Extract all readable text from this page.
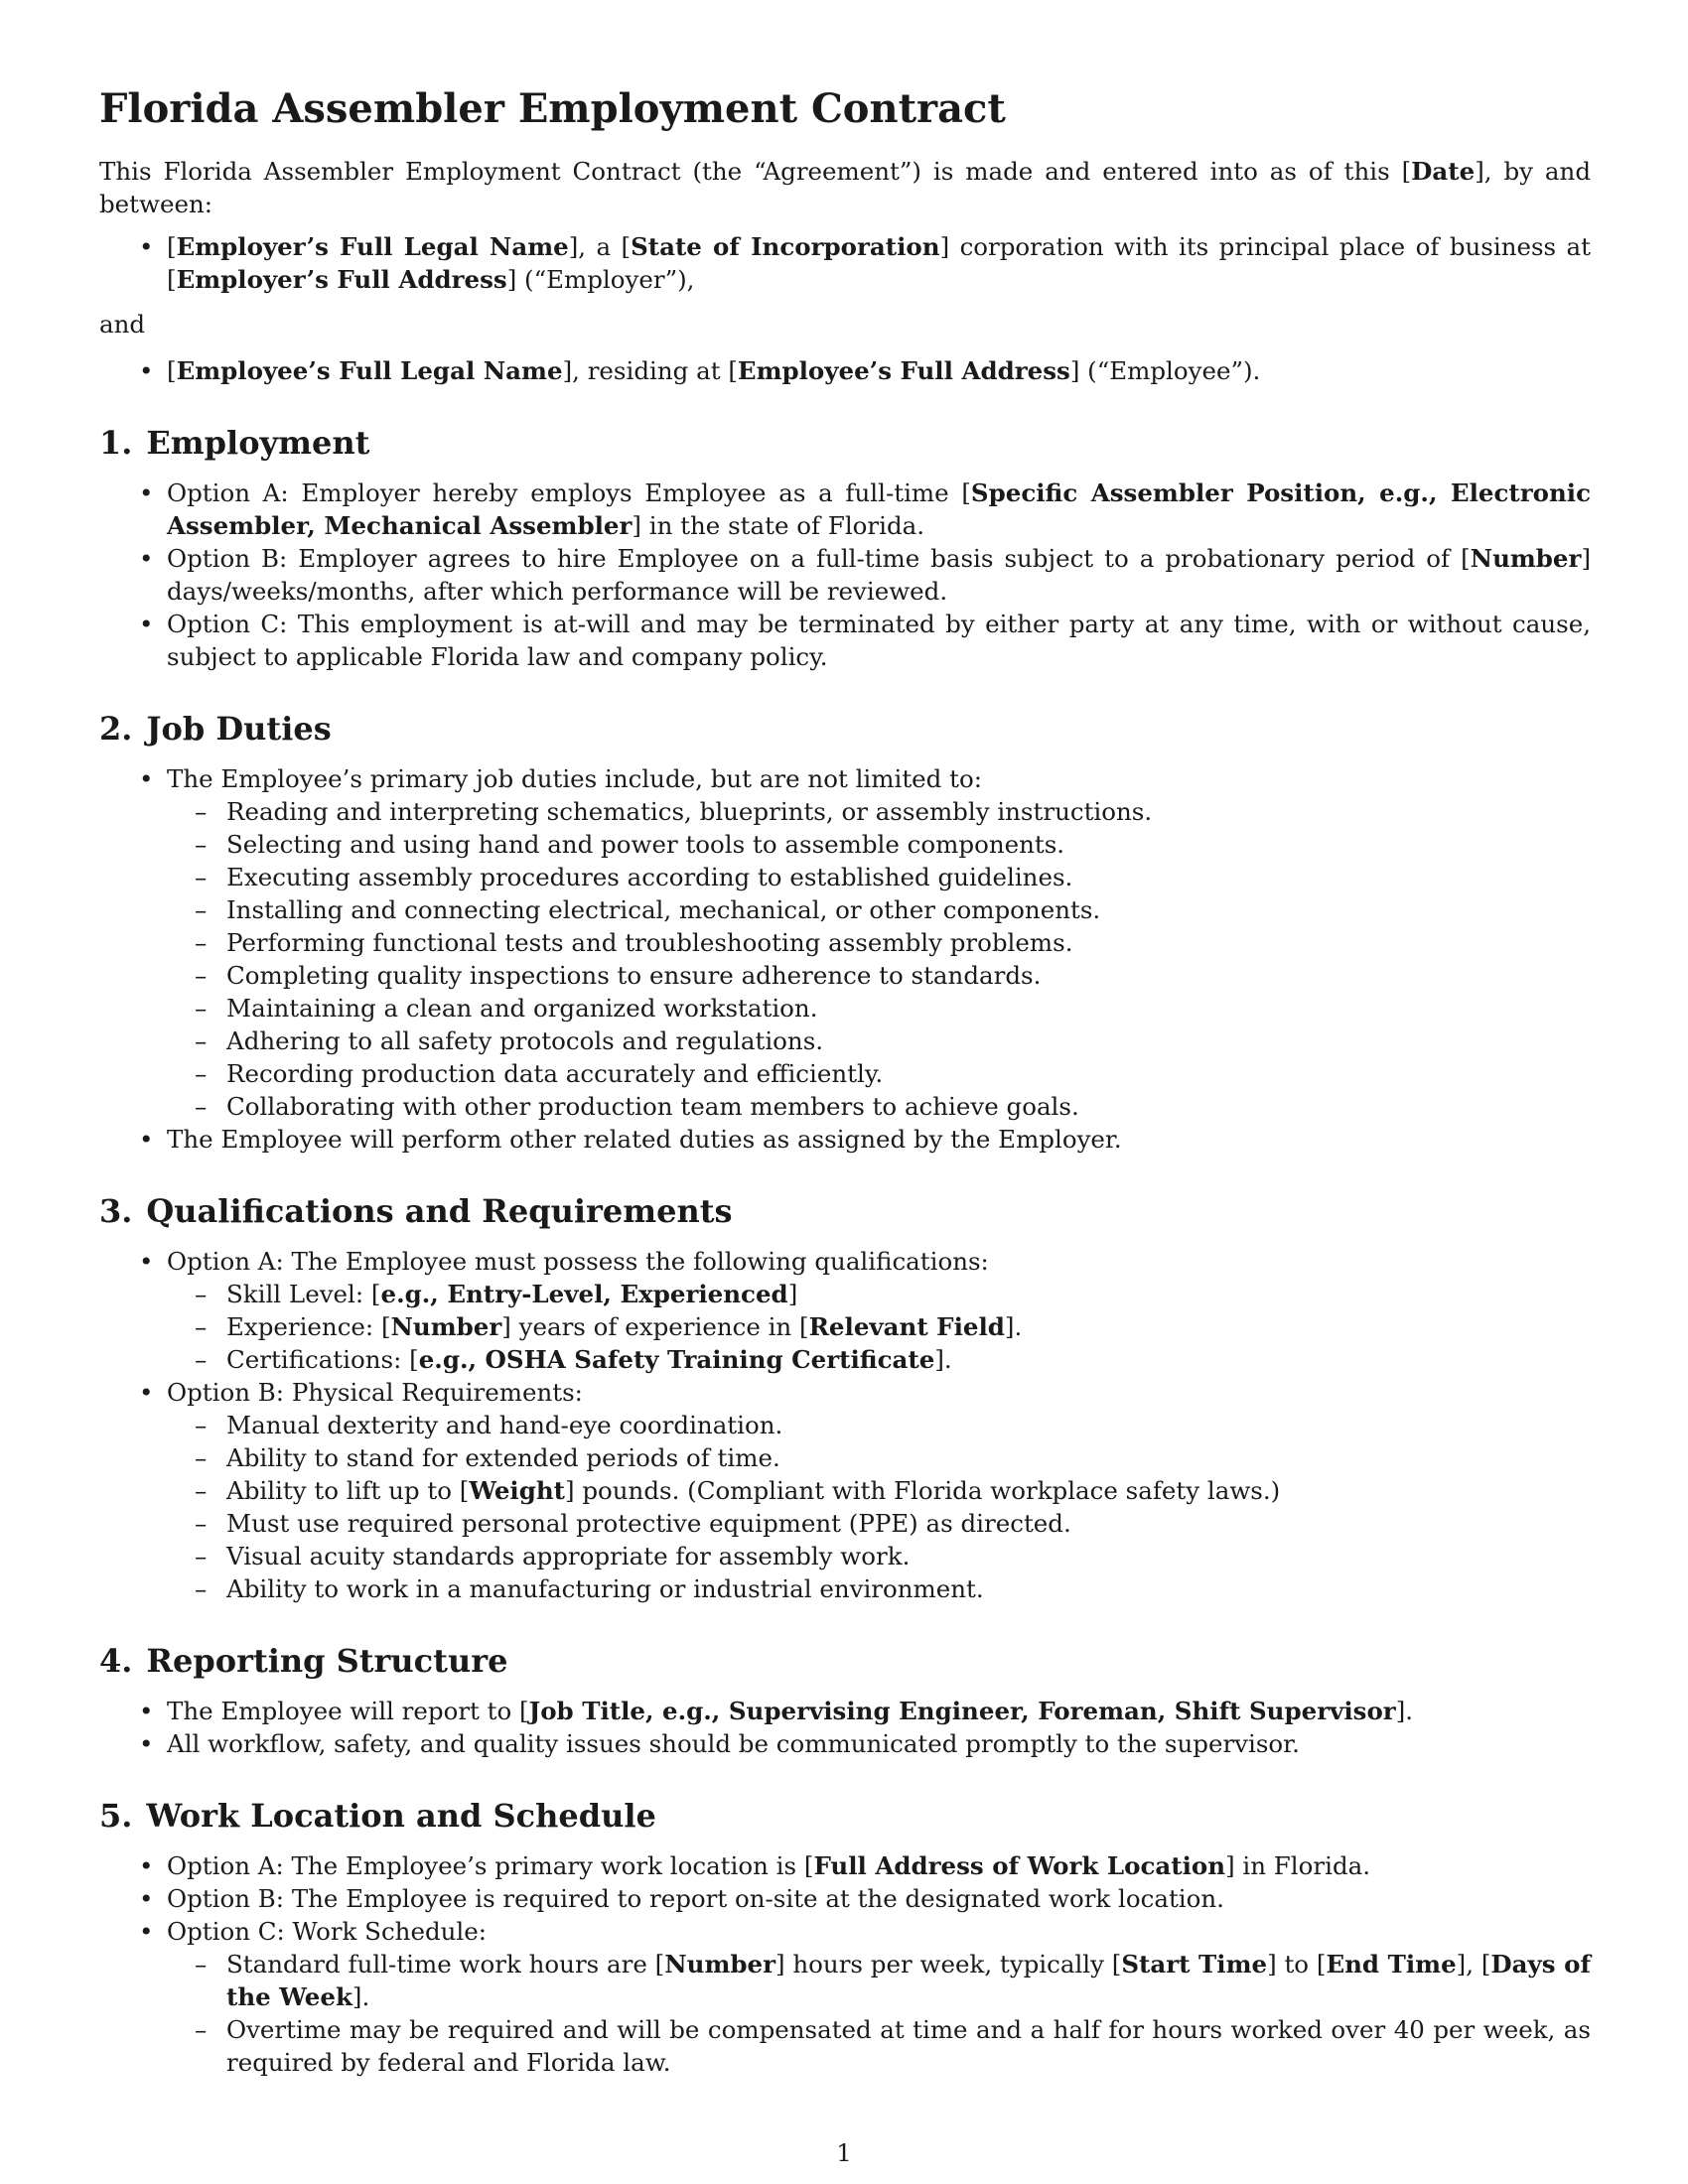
Florida Assembler Employment Contract

This Florida Assembler Employment Contract (the “Agreement”) is made and entered into as of this [Date], by and between:

• [Employer’s Full Legal Name], a [State of Incorporation] corporation with its principal place of business at [Employer’s Full Address] (“Employer”),

and

• [Employee’s Full Legal Name], residing at [Employee’s Full Address] (“Employee”).
1. Employment
• Option A: Employer hereby employs Employee as a full-time [Specific Assembler Position, e.g., Electronic Assembler, Mechanical Assembler] in the state of Florida.
• Option B: Employer agrees to hire Employee on a full-time basis subject to a probationary period of [Number] days/weeks/months, after which performance will be reviewed.
• Option C: This employment is at-will and may be terminated by either party at any time, with or without cause, subject to applicable Florida law and company policy.
2. Job Duties
• The Employee’s primary job duties include, but are not limited to:
– Reading and interpreting schematics, blueprints, or assembly instructions.
– Selecting and using hand and power tools to assemble components.
– Executing assembly procedures according to established guidelines.
– Installing and connecting electrical, mechanical, or other components.
– Performing functional tests and troubleshooting assembly problems.
– Completing quality inspections to ensure adherence to standards.
– Maintaining a clean and organized workstation.
– Adhering to all safety protocols and regulations.
– Recording production data accurately and efficiently.
– Collaborating with other production team members to achieve goals.
• The Employee will perform other related duties as assigned by the Employer.
3. Qualifications and Requirements
• Option A: The Employee must possess the following qualifications:
– Skill Level: [e.g., Entry-Level, Experienced]
– Experience: [Number] years of experience in [Relevant Field].
– Certifications: [e.g., OSHA Safety Training Certificate].
• Option B: Physical Requirements:
– Manual dexterity and hand-eye coordination.
– Ability to stand for extended periods of time.
– Ability to lift up to [Weight] pounds. (Compliant with Florida workplace safety laws.)
– Must use required personal protective equipment (PPE) as directed.
– Visual acuity standards appropriate for assembly work.
– Ability to work in a manufacturing or industrial environment.
4. Reporting Structure
• The Employee will report to [Job Title, e.g., Supervising Engineer, Foreman, Shift Supervisor].
• All workflow, safety, and quality issues should be communicated promptly to the supervisor.
5. Work Location and Schedule
• Option A: The Employee’s primary work location is [Full Address of Work Location] in Florida.
• Option B: The Employee is required to report on-site at the designated work location.
• Option C: Work Schedule:
– Standard full-time work hours are [Number] hours per week, typically [Start Time] to [End Time], [Days of the Week].
– Overtime may be required and will be compensated at time and a half for hours worked over 40 per week, as required by federal and Florida law.
1
